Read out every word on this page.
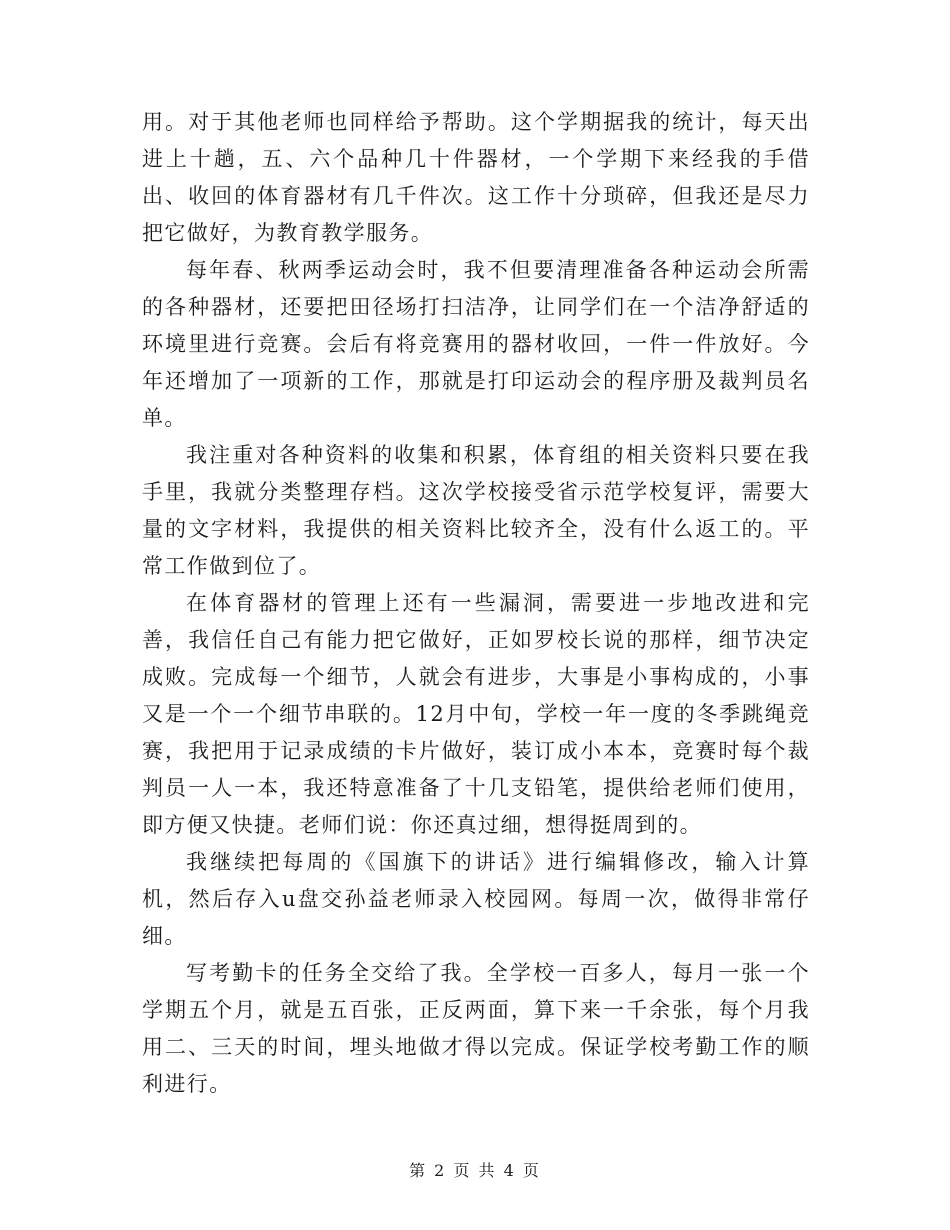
用。对于其他老师也同样给予帮助。这个学期据我的统计，每天出进上十趟，五、六个品种几十件器材，一个学期下来经我的手借出、收回的体育器材有几千件次。这工作十分琐碎，但我还是尽力把它做好，为教育教学服务。

每年春、秋两季运动会时，我不但要清理准备各种运动会所需的各种器材，还要把田径场打扫洁净，让同学们在一个洁净舒适的环境里进行竞赛。会后有将竞赛用的器材收回，一件一件放好。今年还增加了一项新的工作，那就是打印运动会的程序册及裁判员名单。

我注重对各种资料的收集和积累，体育组的相关资料只要在我手里，我就分类整理存档。这次学校接受省示范学校复评，需要大量的文字材料，我提供的相关资料比较齐全，没有什么返工的。平常工作做到位了。

在体育器材的管理上还有一些漏洞，需要进一步地改进和完善，我信任自己有能力把它做好，正如罗校长说的那样，细节决定成败。完成每一个细节，人就会有进步，大事是小事构成的，小事又是一个一个细节串联的。12月中旬，学校一年一度的冬季跳绳竞赛，我把用于记录成绩的卡片做好，装订成小本本，竞赛时每个裁判员一人一本，我还特意准备了十几支铅笔，提供给老师们使用，即方便又快捷。老师们说：你还真过细，想得挺周到的。

我继续把每周的《国旗下的讲话》进行编辑修改，输入计算机，然后存入u盘交孙益老师录入校园网。每周一次，做得非常仔细。

写考勤卡的任务全交给了我。全学校一百多人，每月一张一个学期五个月，就是五百张，正反两面，算下来一千余张，每个月我用二、三天的时间，埋头地做才得以完成。保证学校考勤工作的顺利进行。

第 2 页 共 4 页
